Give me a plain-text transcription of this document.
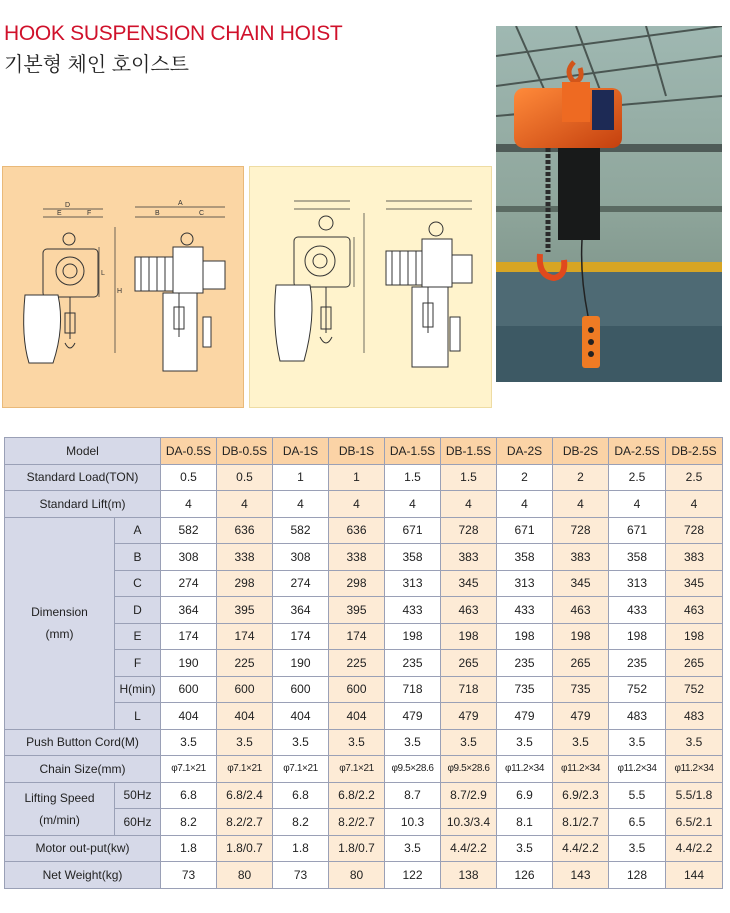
HOOK SUSPENSION CHAIN HOIST
기본형 체인 호이스트
D
E	F
L
H
A
B	C
Model		DA-0.5S	DB-0.5S	DA-1S	DB-1S	DA-1.5S	DB-1.5S	DA-2S	DB-2S	DA-2.5S	DB-2.5S
Standard Load(TON)		0.5	0.5	1	1	1.5	1.5	2	2	2.5	2.5
Standard Lift(m)		4	4	4	4	4	4	4	4	4	4
Dimension
(mm)	A	582	636	582	636	671	728	671	728	671	728
	B	308	338	308	338	358	383	358	383	358	383
	C	274	298	274	298	313	345	313	345	313	345
	D	364	395	364	395	433	463	433	463	433	463
	E	174	174	174	174	198	198	198	198	198	198
	F	190	225	190	225	235	265	235	265	235	265
	H(min)	600	600	600	600	718	718	735	735	752	752
	L	404	404	404	404	479	479	479	479	483	483
Push Button Cord(M)		3.5	3.5	3.5	3.5	3.5	3.5	3.5	3.5	3.5	3.5
Chain Size(mm)		φ7.1×21	φ7.1×21	φ7.1×21	φ7.1×21	φ9.5×28.6	φ9.5×28.6	φ11.2×34	φ11.2×34	φ11.2×34	φ11.2×34
Lifting Speed
(m/min)	50Hz	6.8	6.8/2.4	6.8	6.8/2.2	8.7	8.7/2.9	6.9	6.9/2.3	5.5	5.5/1.8
	60Hz	8.2	8.2/2.7	8.2	8.2/2.7	10.3	10.3/3.4	8.1	8.1/2.7	6.5	6.5/2.1
Motor out-put(kw)		1.8	1.8/0.7	1.8	1.8/0.7	3.5	4.4/2.2	3.5	4.4/2.2	3.5	4.4/2.2
Net Weight(kg)		73	80	73	80	122	138	126	143	128	144
